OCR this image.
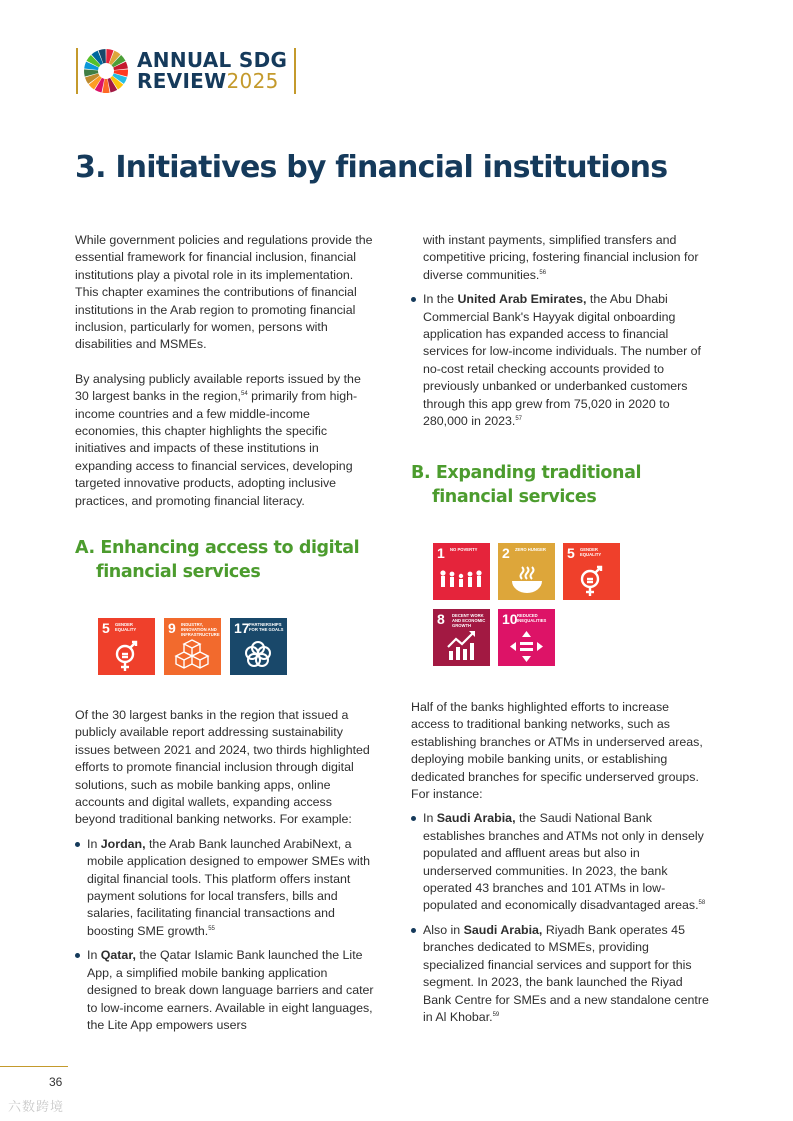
ANNUAL SDG
REVIEW2025
3. Initiatives by financial institutions

While government policies and regulations provide the essential framework for financial inclusion, financial institutions play a pivotal role in its implementation. This chapter examines the contributions of financial institutions in the Arab region to promoting financial inclusion, particularly for women, persons with disabilities and MSMEs.

By analysing publicly available reports issued by the 30 largest banks in the region,$^{54}$ primarily from high-income countries and a few middle-income economies, this chapter highlights the specific initiatives and impacts of these institutions in expanding access to financial services, developing targeted innovative products, adopting inclusive practices, and promoting financial literacy.

A. Enhancing access to digital
financial services
5 GENDER EQUALITY	9 INDUSTRY, INNOVATION AND INFRASTRUCTURE 17 PARTNERSHIPS FOR THE GOALS

Of the 30 largest banks in the region that issued a publicly available report addressing sustainability issues between 2021 and 2024, two thirds highlighted efforts to promote financial inclusion through digital solutions, such as mobile banking apps, online accounts and digital wallets, expanding access beyond traditional banking networks. For example:

In Jordan, the Arab Bank launched ArabiNext, a mobile application designed to empower SMEs with digital financial tools. This platform offers instant payment solutions for local transfers, bills and salaries, facilitating financial transactions and boosting SME growth.$^{55}$
In Qatar, the Qatar Islamic Bank launched the Lite App, a simplified mobile banking application designed to break down language barriers and cater to low-income earners. Available in eight languages, the Lite App empowers users

with instant payments, simplified transfers and competitive pricing, fostering financial inclusion for diverse communities.$^{56}$

In the United Arab Emirates, the Abu Dhabi Commercial Bank's Hayyak digital onboarding application has expanded access to financial services for low-income individuals. The number of no-cost retail checking accounts provided to previously unbanked or underbanked customers through this app grew from 75,020 in 2020 to 280,000 in 2023.57
B. Expanding traditional
financial services
1 NO POVERTY	2 ZERO HUNGER	5 GENDER EQUALITY
8 DECENT WORK AND ECONOMIC GROWTH	10 REDUCED INEQUALITIES

Half of the banks highlighted efforts to increase access to traditional banking networks, such as establishing branches or ATMs in underserved areas, deploying mobile banking units, or establishing dedicated branches for specific underserved groups. For instance:

In Saudi Arabia, the Saudi National Bank establishes branches and ATMs not only in densely populated and affluent areas but also in underserved communities. In 2023, the bank operated 43 branches and 101 ATMs in low-populated and economically disadvantaged areas.$^{58}$
Also in Saudi Arabia, Riyadh Bank operates 45 branches dedicated to MSMEs, providing specialized financial services and support for this segment. In 2023, the bank launched the Riyad Bank Centre for SMEs and a new standalone centre in Al Khobar.$^{59}$
36
六数跨境
